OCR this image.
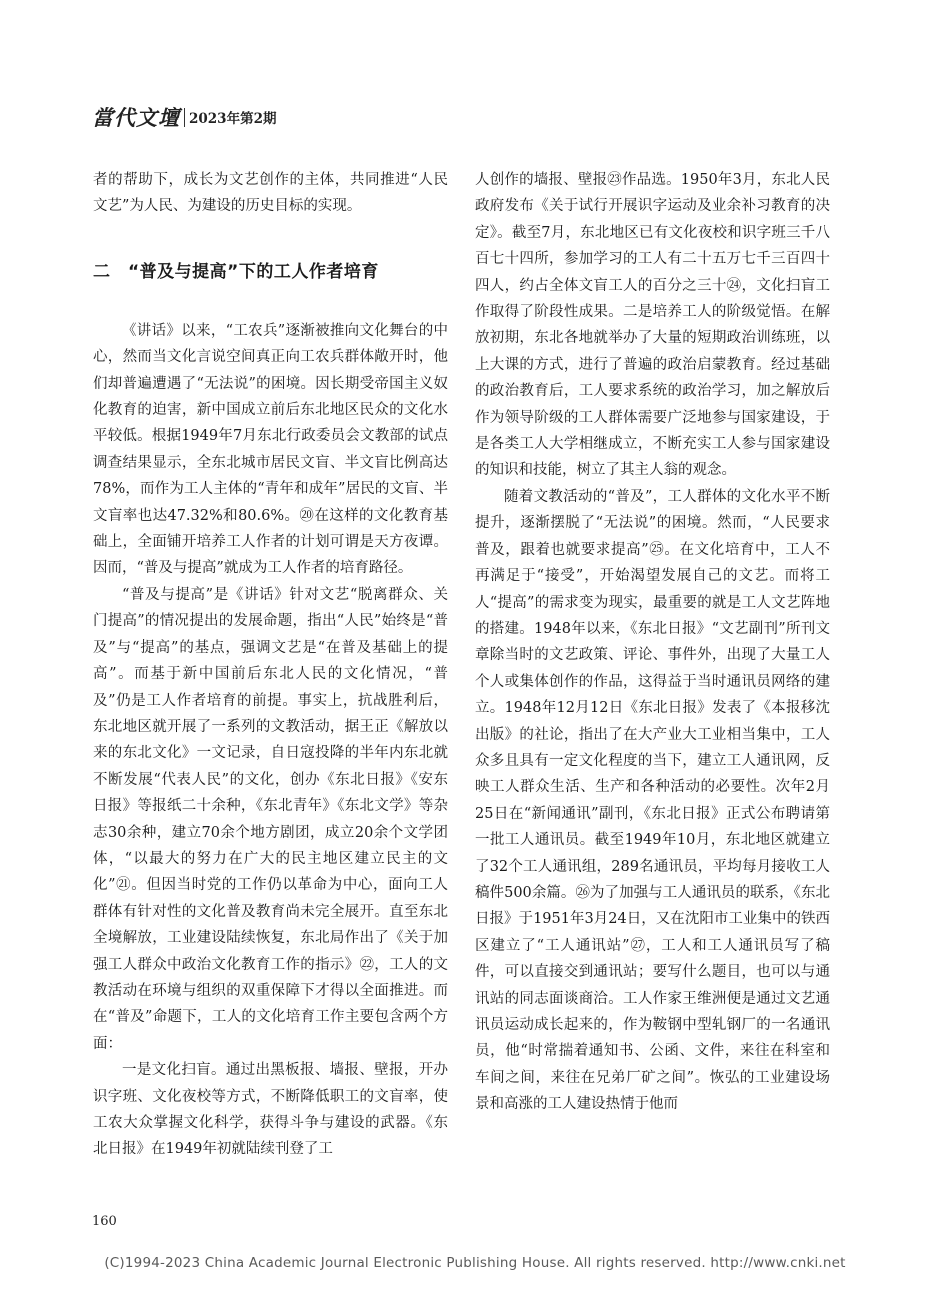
當代文壇 2023年第2期

者的帮助下，成长为文艺创作的主体，共同推进“人民文艺”为人民、为建设的历史目标的实现。

二　“普及与提高”下的工人作者培育

《讲话》以来，“工农兵”逐渐被推向文化舞台的中心，然而当文化言说空间真正向工农兵群体敞开时，他们却普遍遭遇了“无法说”的困境。因长期受帝国主义奴化教育的迫害，新中国成立前后东北地区民众的文化水平较低。根据1949年7月东北行政委员会文教部的试点调查结果显示，全东北城市居民文盲、半文盲比例高达78%，而作为工人主体的“青年和成年”居民的文盲、半文盲率也达47.32%和80.6%。⑳在这样的文化教育基础上，全面铺开培养工人作者的计划可谓是天方夜谭。因而，“普及与提高”就成为工人作者的培育路径。

“普及与提高”是《讲话》针对文艺“脱离群众、关门提高”的情况提出的发展命题，指出“人民”始终是“普及”与“提高”的基点，强调文艺是“在普及基础上的提高”。而基于新中国前后东北人民的文化情况，“普及”仍是工人作者培育的前提。事实上，抗战胜利后，东北地区就开展了一系列的文教活动，据王正《解放以来的东北文化》一文记录，自日寇投降的半年内东北就不断发展“代表人民”的文化，创办《东北日报》《安东日报》等报纸二十余种，《东北青年》《东北文学》等杂志30余种，建立70余个地方剧团，成立20余个文学团体，“以最大的努力在广大的民主地区建立民主的文化”㉑。但因当时党的工作仍以革命为中心，面向工人群体有针对性的文化普及教育尚未完全展开。直至东北全境解放，工业建设陆续恢复，东北局作出了《关于加强工人群众中政治文化教育工作的指示》㉒，工人的文教活动在环境与组织的双重保障下才得以全面推进。而在“普及”命题下，工人的文化培育工作主要包含两个方面：

一是文化扫盲。通过出黑板报、墙报、壁报，开办识字班、文化夜校等方式，不断降低职工的文盲率，使工农大众掌握文化科学，获得斗争与建设的武器。《东北日报》在1949年初就陆续刊登了工

人创作的墙报、壁报㉓作品选。1950年3月，东北人民政府发布《关于试行开展识字运动及业余补习教育的决定》。截至7月，东北地区已有文化夜校和识字班三千八百七十四所，参加学习的工人有二十五万七千三百四十四人，约占全体文盲工人的百分之三十㉔，文化扫盲工作取得了阶段性成果。二是培养工人的阶级觉悟。在解放初期，东北各地就举办了大量的短期政治训练班，以上大课的方式，进行了普遍的政治启蒙教育。经过基础的政治教育后，工人要求系统的政治学习，加之解放后作为领导阶级的工人群体需要广泛地参与国家建设，于是各类工人大学相继成立，不断充实工人参与国家建设的知识和技能，树立了其主人翁的观念。

随着文教活动的“普及”，工人群体的文化水平不断提升，逐渐摆脱了“无法说”的困境。然而，“人民要求普及，跟着也就要求提高”㉕。在文化培育中，工人不再满足于“接受”，开始渴望发展自己的文艺。而将工人“提高”的需求变为现实，最重要的就是工人文艺阵地的搭建。1948年以来，《东北日报》“文艺副刊”所刊文章除当时的文艺政策、评论、事件外，出现了大量工人个人或集体创作的作品，这得益于当时通讯员网络的建立。1948年12月12日《东北日报》发表了《本报移沈出版》的社论，指出了在大产业大工业相当集中，工人众多且具有一定文化程度的当下，建立工人通讯网，反映工人群众生活、生产和各种活动的必要性。次年2月25日在“新闻通讯”副刊，《东北日报》正式公布聘请第一批工人通讯员。截至1949年10月，东北地区就建立了32个工人通讯组，289名通讯员，平均每月接收工人稿件500余篇。㉖为了加强与工人通讯员的联系，《东北日报》于1951年3月24日，又在沈阳市工业集中的铁西区建立了“工人通讯站”㉗，工人和工人通讯员写了稿件，可以直接交到通讯站；要写什么题目，也可以与通讯站的同志面谈商洽。工人作家王维洲便是通过文艺通讯员运动成长起来的，作为鞍钢中型轧钢厂的一名通讯员，他“时常揣着通知书、公函、文件，来往在科室和车间之间，来往在兄弟厂矿之间”。恢弘的工业建设场景和高涨的工人建设热情于他而

160
(C)1994-2023 China Academic Journal Electronic Publishing House. All rights reserved. http://www.cnki.net
